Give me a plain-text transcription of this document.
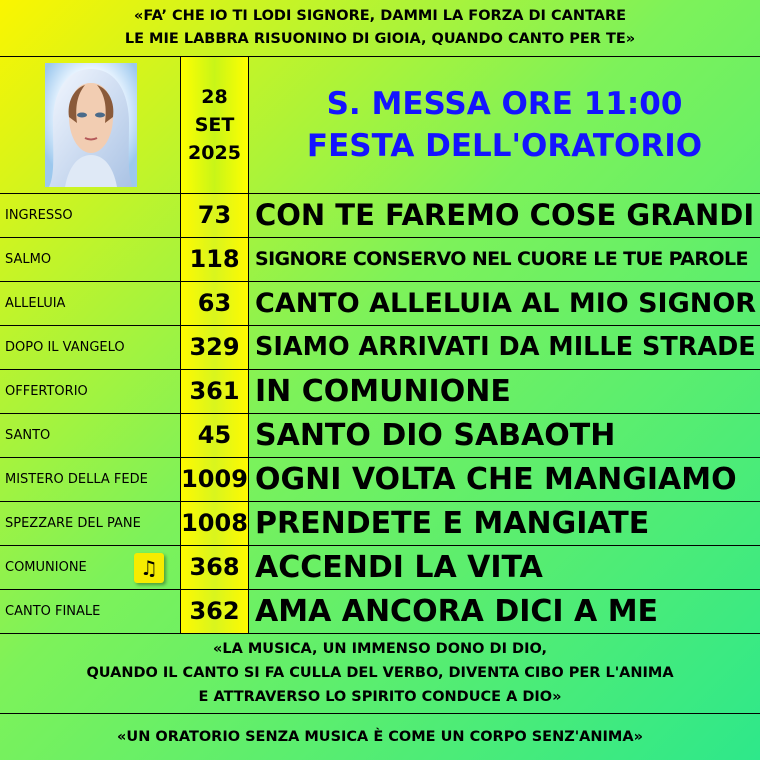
«FA’ CHE IO TI LODI SIGNORE, DAMMI LA FORZA DI CANTARE
LE MIE LABBRA RISUONINO DI GIOIA, QUANDO CANTO PER TE»
28
SET
2025
S. MESSA ORE 11:00
FESTA DELL'ORATORIO
INGRESSO	73 CON TE FAREMO COSE GRANDI
SALMO	118 SIGNORE CONSERVO NEL CUORE LE TUE PAROLE
ALLELUIA	63 CANTO ALLELUIA AL MIO SIGNOR
DOPO IL VANGELO	329 SIAMO ARRIVATI DA MILLE STRADE
OFFERTORIO	361 IN COMUNIONE
SANTO	45 SANTO DIO SABAOTH
MISTERO DELLA FEDE	1009 OGNI VOLTA CHE MANGIAMO
SPEZZARE DEL PANE	1008 PRENDETE E MANGIATE
COMUNIONE	368 ACCENDI LA VITA
CANTO FINALE	362 AMA ANCORA DICI A ME
♫
«LA MUSICA, UN IMMENSO DONO DI DIO,
QUANDO IL CANTO SI FA CULLA DEL VERBO, DIVENTA CIBO PER L'ANIMA
E ATTRAVERSO LO SPIRITO CONDUCE A DIO»
«UN ORATORIO SENZA MUSICA È COME UN CORPO SENZ'ANIMA»
